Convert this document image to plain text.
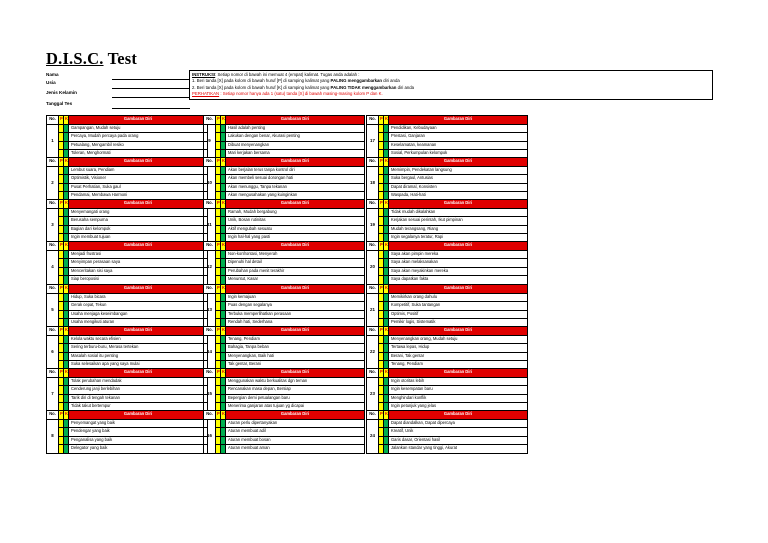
D.I.S.C. Test
Nama
Usia
Jenis Kelamin
Tanggal Tes
INSTRUKSI: Setiap nomor di bawah ini memuat 4 (empat) kalimat. Tugas anda adalah :
1. Beri tanda [X] pada kolom di bawah huruf [P] di samping kalimat yang PALING menggambarkan diri anda
2. Beri tanda [X] pada kolom di bawah huruf [K] di samping kalimat yang PALING TIDAK menggambarkan diri anda
PERHATIKAN : Setiap nomor hanya ada 1 (satu) tanda [X] di bawah masing-masing kolom P dan K.
No.	P	K	Gambaran Diri
1			Gampangan, Mudah setuju
			Percaya, Mudah percaya pada orang
			Petualang, Mengambil resiko
			Toleran, Menghormati
No.	P	K	Gambaran Diri
2			Lembut suara, Pendiam
			Optimistik, Visioner
			Pusat Perhatian, Suka gaul
			Pendamai, Membawa Harmoni
No.	P	K	Gambaran Diri
3			Menyemangati orang
			Berusaha sempurna
			Bagian dari kelompok
			Ingin membuat tujuan
No.	P	K	Gambaran Diri
4			Menjadi frustrasi
			Menyimpan perasaan saya
			Menceritakan sisi saya
			Siap beroposisi
No.	P	K	Gambaran Diri
5			Hidup, Suka bicara
			Gerak cepat, Tekun
			Usaha menjaga keseimbangan
			Usaha mengikuti aturan
No.	P	K	Gambaran Diri
6			Kelola waktu secara efisien
			Sering terburu-buru, Merasa tertekan
			Masalah sosial itu penting
			Suka selesaikan apa yang saya mulai
No.	P	K	Gambaran Diri
7			Tolak perubahan mendadak
			Cenderung janji berlebihan
			Tarik diri di tengah tekanan
			Tidak takut bertempur
No.	P	K	Gambaran Diri
8			Penyemangat yang baik
			Pendengar yang baik
			Penganalisa yang baik
			Delegator yang baik
No.	P	K	Gambaran Diri
9			Hasil adalah penting
			Lakukan dengan benar, Akurasi penting
			Dibuat menyenangkan
			Mari kerjakan bersama
No.	P	K	Gambaran Diri
10			Akan berjalan terus tanpa kontrol diri
			Akan membeli sesuai dorongan hati
			Akan menunggu, Tanpa tekanan
			Akan mengusahakan yang kuinginkan
No.	P	K	Gambaran Diri
11			Ramah, Mudah bergabung
			Unik, Bosan rutinitas
			Aktif mengubah sesuatu
			Ingin hal-hal yang pasti
No.	P	K	Gambaran Diri
12			Non-konfrontasi, Menyerah
			Dipenuhi hal detail
			Perubahan pada menit terakhir
			Menuntut, Kasar
No.	P	K	Gambaran Diri
13			Ingin kemajuan
			Puas dengan segalanya
			Terbuka memperlihatkan perasaan
			Rendah hati, Sederhana
No.	P	K	Gambaran Diri
14			Tenang, Pendiam
			Bahagia, Tanpa beban
			Menyenangkan, Baik hati
			Tak gentar, Berani
No.	P	K	Gambaran Diri
15			Menggunakan waktu berkualitas dgn teman
			Rencanakan masa depan, Bersiap
			Bepergian demi petualangan baru
			Menerima ganjaran atas tujuan yg dicapai
No.	P	K	Gambaran Diri
16			Aturan perlu dipertanyakan
			Aturan membuat adil
			Aturan membuat bosan
			Aturan membuat aman
No.	P	K	Gambaran Diri
17			Pendidikan, Kebudayaan
			Prestasi, Ganjaran
			Keselamatan, keamanan
			Sosial, Perkumpulan kelompok
No.	P	K	Gambaran Diri
18			Memimpin, Pendekatan langsung
			Suka bergaul, Antusias
			Dapat diramal, Konsisten
			Waspada, Hati-hati
No.	P	K	Gambaran Diri
19			Tidak mudah dikalahkan
			Kerjakan sesuai perintah, Ikut pimpinan
			Mudah terangsang, Riang
			Ingin segalanya teratur, Rapi
No.	P	K	Gambaran Diri
20			Saya akan pimpin mereka
			Saya akan melaksanakan
			Saya akan meyakinkan mereka
			Saya dapatkan fakta
No.	P	K	Gambaran Diri
21			Memikirkan orang dahulu
			Kompetitif, Suka tantangan
			Optimis, Positif
			Pemikir logis, Sistematik
No.	P	K	Gambaran Diri
22			Menyenangkan orang, Mudah setuju
			Tertawa lepas, Hidup
			Berani, Tak gentar
			Tenang, Pendiam
No.	P	K	Gambaran Diri
23			Ingin otoritas lebih
			Ingin kesempatan baru
			Menghindari konflik
			Ingin petunjuk yang jelas
No.	P	K	Gambaran Diri
24			Dapat diandalkan, Dapat dipercaya
			Kreatif, Unik
			Garis dasar, Orientasi hasil
			Jalankan standar yang tinggi, Akurat
